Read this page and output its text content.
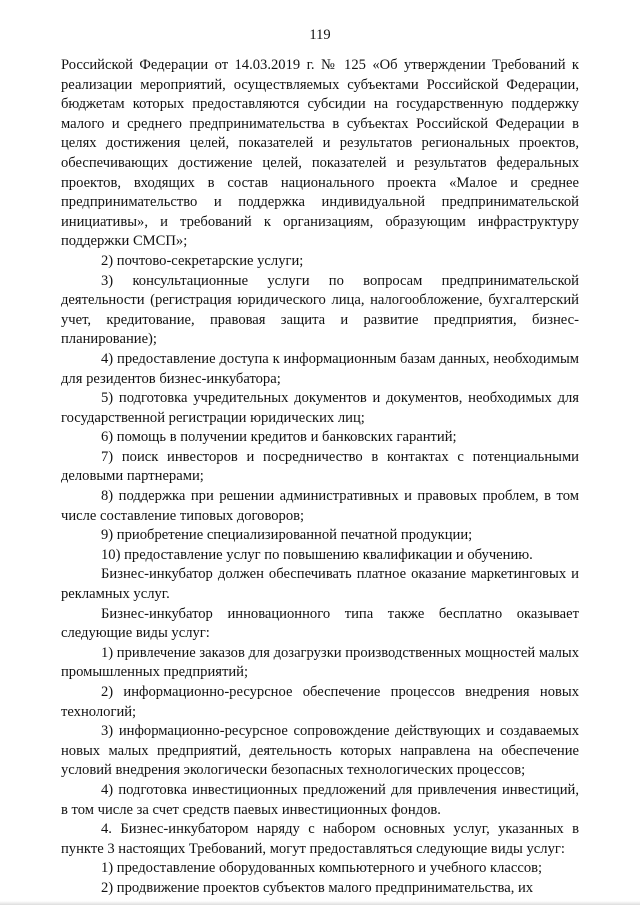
119

Российской Федерации от 14.03.2019 г. № 125 «Об утверждении Требований к реализации мероприятий, осуществляемых субъектами Российской Федерации, бюджетам которых предоставляются субсидии на государственную поддержку малого и среднего предпринимательства в субъектах Российской Федерации в целях достижения целей, показателей и результатов региональных проектов, обеспечивающих достижение целей, показателей и результатов федеральных проектов, входящих в состав национального проекта «Малое и среднее предпринимательство и поддержка индивидуальной предпринимательской инициативы», и требований к организациям, образующим инфраструктуру поддержки СМСП»;

2) почтово-секретарские услуги;

3) консультационные услуги по вопросам предпринимательской деятельности (регистрация юридического лица, налогообложение, бухгалтерский учет, кредитование, правовая защита и развитие предприятия, бизнес-планирование);

4) предоставление доступа к информационным базам данных, необходимым для резидентов бизнес-инкубатора;

5) подготовка учредительных документов и документов, необходимых для государственной регистрации юридических лиц;

6) помощь в получении кредитов и банковских гарантий;

7) поиск инвесторов и посредничество в контактах с потенциальными деловыми партнерами;

8) поддержка при решении административных и правовых проблем, в том числе составление типовых договоров;

9) приобретение специализированной печатной продукции;

10) предоставление услуг по повышению квалификации и обучению.

Бизнес-инкубатор должен обеспечивать платное оказание маркетинговых и рекламных услуг.

Бизнес-инкубатор инновационного типа также бесплатно оказывает следующие виды услуг:

1) привлечение заказов для дозагрузки производственных мощностей малых промышленных предприятий;

2) информационно-ресурсное обеспечение процессов внедрения новых технологий;

3) информационно-ресурсное сопровождение действующих и создаваемых новых малых предприятий, деятельность которых направлена на обеспечение условий внедрения экологически безопасных технологических процессов;

4) подготовка инвестиционных предложений для привлечения инвестиций, в том числе за счет средств паевых инвестиционных фондов.

4. Бизнес-инкубатором наряду с набором основных услуг, указанных в пункте 3 настоящих Требований, могут предоставляться следующие виды услуг:

1) предоставление оборудованных компьютерного и учебного классов;

2) продвижение проектов субъектов малого предпринимательства, их
